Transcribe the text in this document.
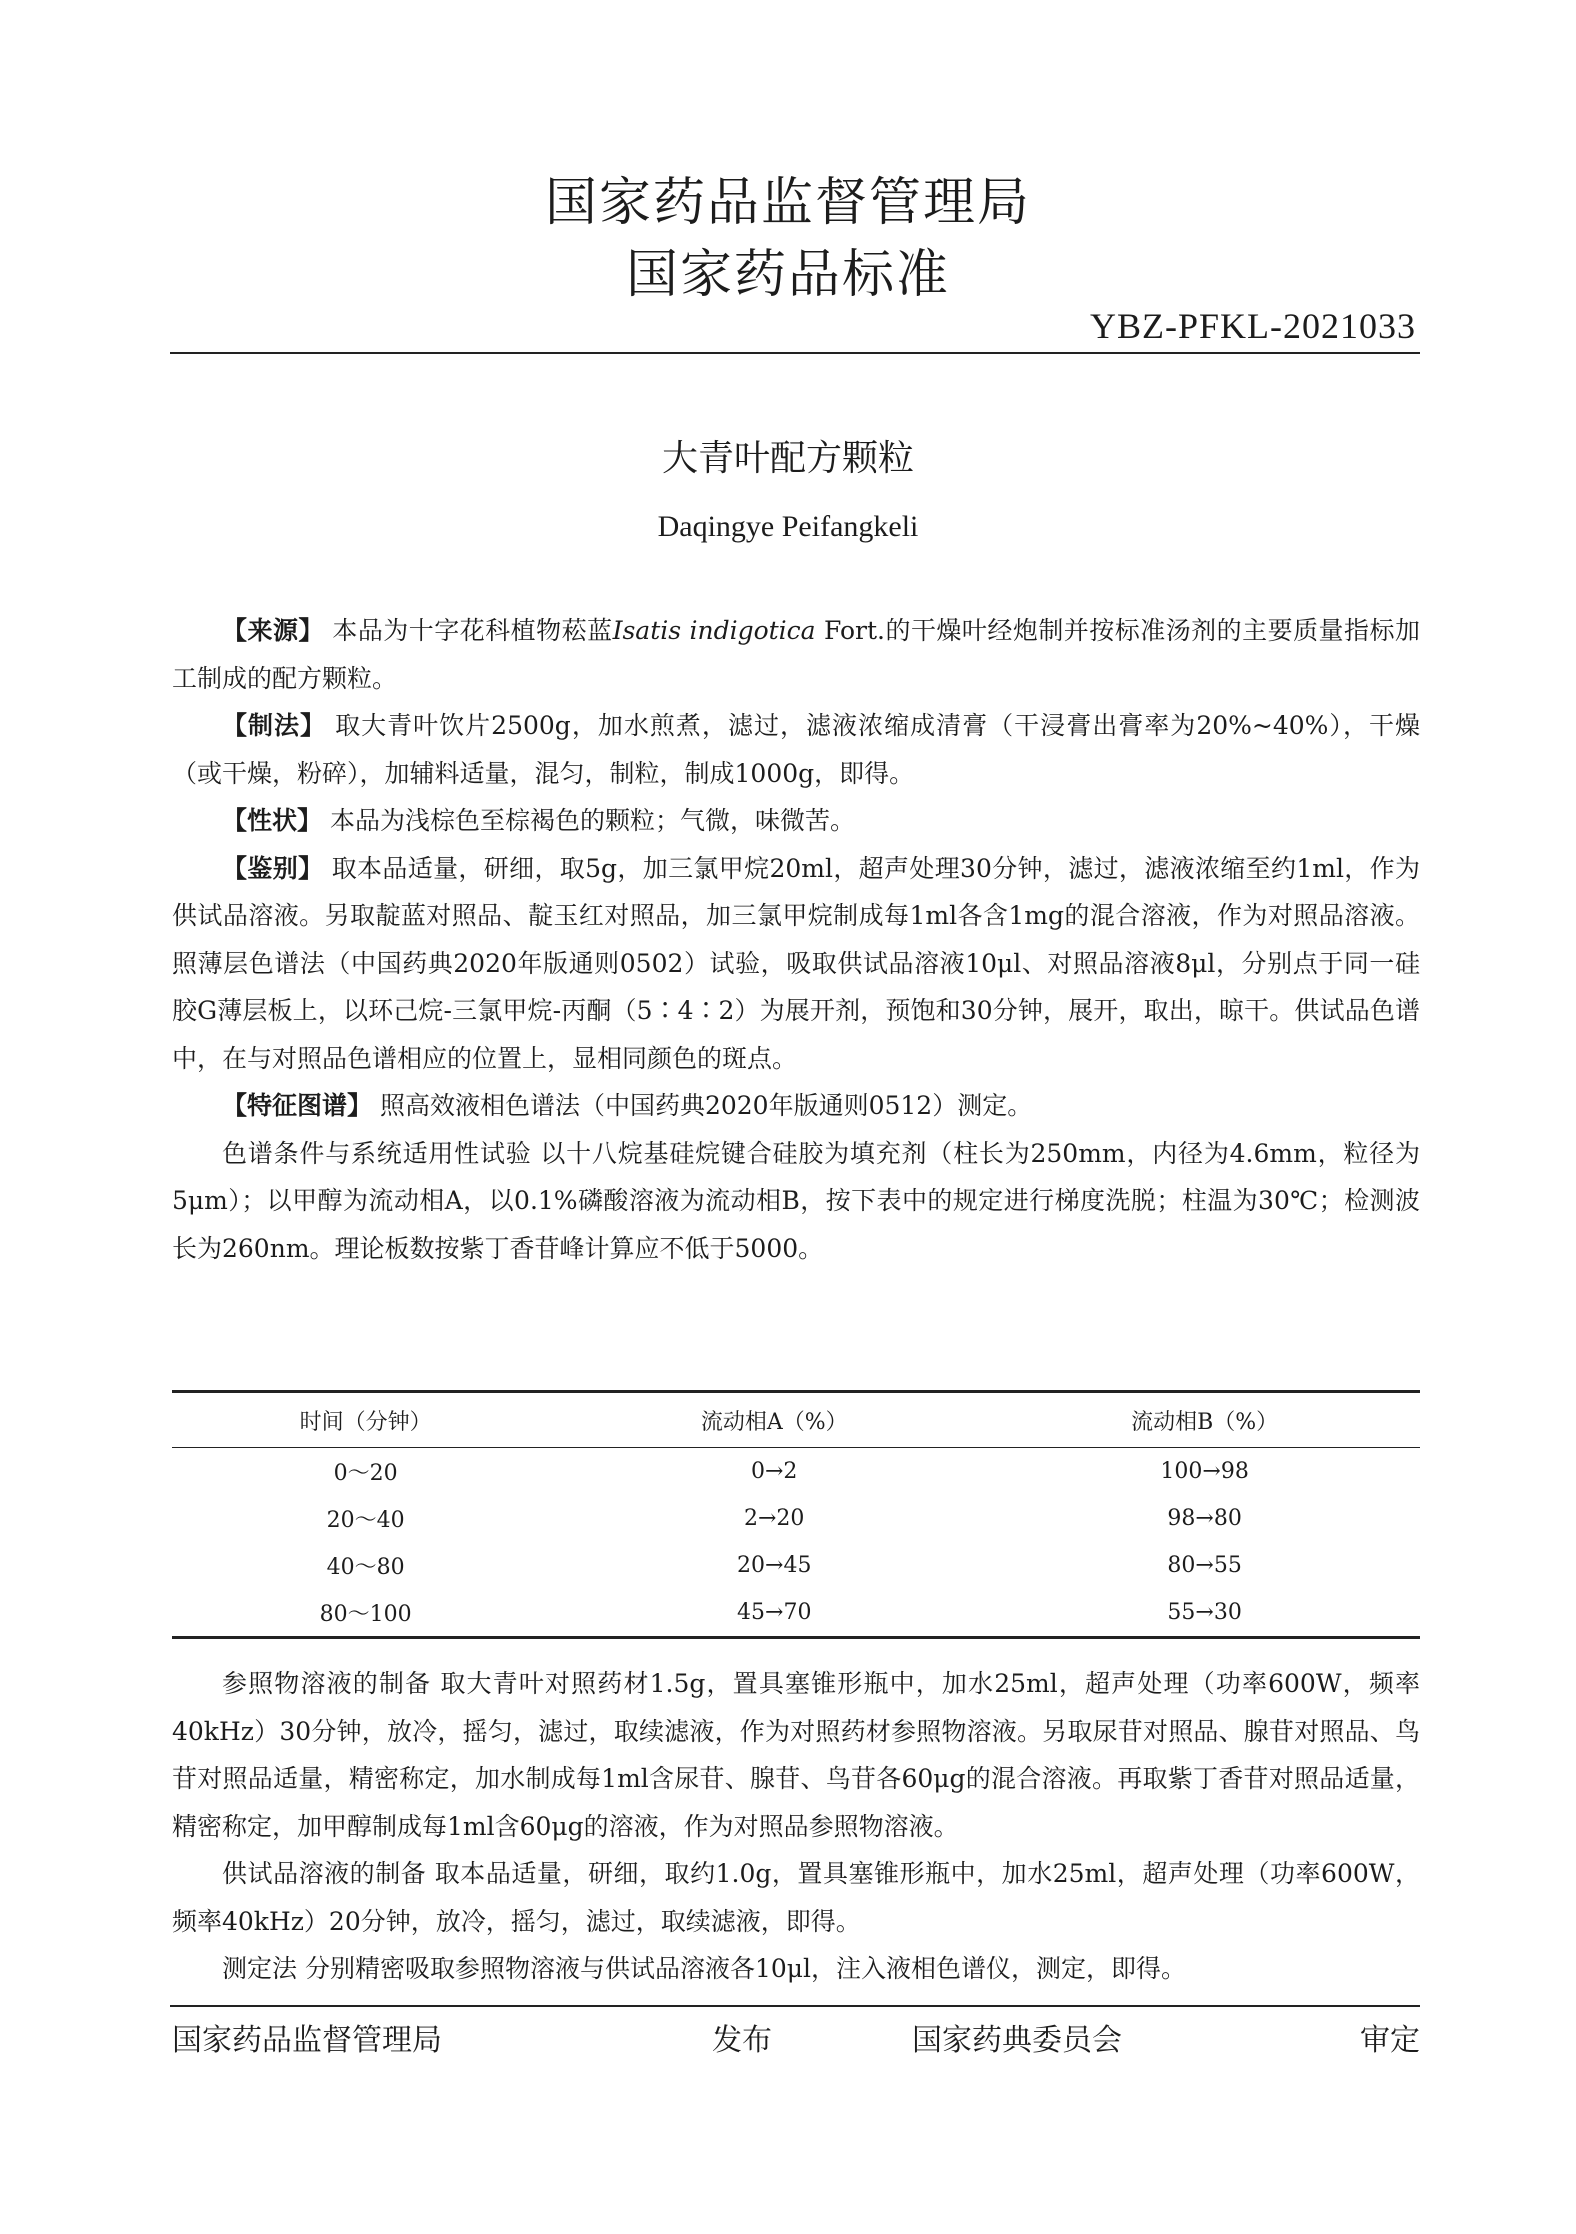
国家药品监督管理局
国家药品标准
YBZ-PFKL-2021033
大青叶配方颗粒
Daqingye Peifangkeli

【来源】 本品为十字花科植物菘蓝Isatis indigotica Fort.的干燥叶经炮制并按标准汤剂的主要质量指标加工制成的配方颗粒。

【制法】 取大青叶饮片2500g，加水煎煮，滤过，滤液浓缩成清膏（干浸膏出膏率为20%~40%），干燥（或干燥，粉碎），加辅料适量，混匀，制粒，制成1000g，即得。

【性状】 本品为浅棕色至棕褐色的颗粒；气微，味微苦。

【鉴别】 取本品适量，研细，取5g，加三氯甲烷20ml，超声处理30分钟，滤过，滤液浓缩至约1ml，作为供试品溶液。另取靛蓝对照品、靛玉红对照品，加三氯甲烷制成每1ml各含1mg的混合溶液，作为对照品溶液。照薄层色谱法（中国药典2020年版通则0502）试验，吸取供试品溶液10μl、对照品溶液8μl，分别点于同一硅胶G薄层板上，以环己烷-三氯甲烷-丙酮（5∶4∶2）为展开剂，预饱和30分钟，展开，取出，晾干。供试品色谱中，在与对照品色谱相应的位置上，显相同颜色的斑点。

【特征图谱】 照高效液相色谱法（中国药典2020年版通则0512）测定。

色谱条件与系统适用性试验 以十八烷基硅烷键合硅胶为填充剂（柱长为250mm，内径为4.6mm，粒径为5μm）；以甲醇为流动相A，以0.1%磷酸溶液为流动相B，按下表中的规定进行梯度洗脱；柱温为30℃；检测波长为260nm。理论板数按紫丁香苷峰计算应不低于5000。

时间（分钟）	流动相A（%）	流动相B（%）
0～20	0→2	100→98
20～40	2→20	98→80
40～80	20→45	80→55
80～100	45→70	55→30

参照物溶液的制备 取大青叶对照药材1.5g，置具塞锥形瓶中，加水25ml，超声处理（功率600W，频率40kHz）30分钟，放冷，摇匀，滤过，取续滤液，作为对照药材参照物溶液。另取尿苷对照品、腺苷对照品、鸟苷对照品适量，精密称定，加水制成每1ml含尿苷、腺苷、鸟苷各60μg的混合溶液。再取紫丁香苷对照品适量，精密称定，加甲醇制成每1ml含60μg的溶液，作为对照品参照物溶液。

供试品溶液的制备 取本品适量，研细，取约1.0g，置具塞锥形瓶中，加水25ml，超声处理（功率600W，频率40kHz）20分钟，放冷，摇匀，滤过，取续滤液，即得。

测定法 分别精密吸取参照物溶液与供试品溶液各10μl，注入液相色谱仪，测定，即得。

国家药品监督管理局	发布	国家药典委员会	审定
